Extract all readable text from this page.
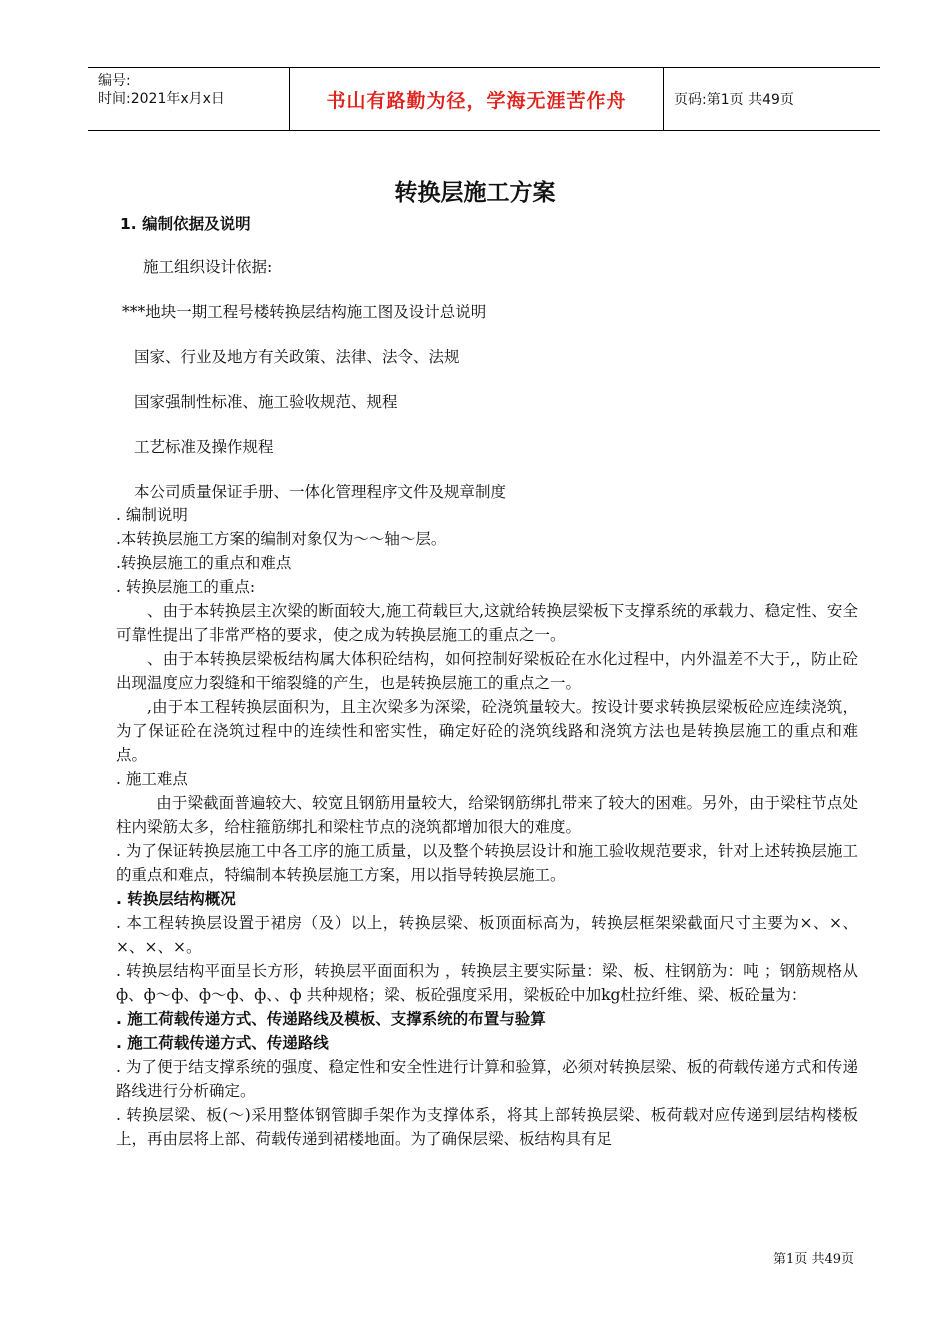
编号:
时间:2021年x月x日	书山有路勤为径，学海无涯苦作舟	页码:第1页 共49页
转换层施工方案

1. 编制依据及说明

施工组织设计依据:

***地块一期工程号楼转换层结构施工图及设计总说明

国家、行业及地方有关政策、法律、法令、法规

国家强制性标准、施工验收规范、规程

工艺标准及操作规程

本公司质量保证手册、一体化管理程序文件及规章制度

. 编制说明

.本转换层施工方案的编制对象仅为～～轴～层。

.转换层施工的重点和难点

. 转换层施工的重点:

、由于本转换层主次梁的断面较大,施工荷载巨大,这就给转换层梁板下支撑系统的承载力、稳定性、安全可靠性提出了非常严格的要求，使之成为转换层施工的重点之一。

、由于本转换层梁板结构属大体积砼结构，如何控制好梁板砼在水化过程中，内外温差不大于,，防止砼出现温度应力裂缝和干缩裂缝的产生，也是转换层施工的重点之一。

,由于本工程转换层面积为，且主次梁多为深梁，砼浇筑量较大。按设计要求转换层梁板砼应连续浇筑，为了保证砼在浇筑过程中的连续性和密实性，确定好砼的浇筑线路和浇筑方法也是转换层施工的重点和难点。

. 施工难点

由于梁截面普遍较大、较宽且钢筋用量较大，给梁钢筋绑扎带来了较大的困难。另外，由于梁柱节点处柱内梁筋太多，给柱箍筋绑扎和梁柱节点的浇筑都增加很大的难度。

. 为了保证转换层施工中各工序的施工质量，以及整个转换层设计和施工验收规范要求，针对上述转换层施工的重点和难点，特编制本转换层施工方案，用以指导转换层施工。

. 转换层结构概况

. 本工程转换层设置于裙房（及）以上，转换层梁、板顶面标高为，转换层框架梁截面尺寸主要为×、×、×、×、×。

. 转换层结构平面呈长方形，转换层平面面积为 ，转换层主要实际量：梁、板、柱钢筋为：吨 ；钢筋规格从 ф、ф～ф、ф～ф、ф、、ф 共种规格；梁、板砼强度采用，梁板砼中加kg杜拉纤维、梁、板砼量为：

. 施工荷载传递方式、传递路线及模板、支撑系统的布置与验算

. 施工荷载传递方式、传递路线

. 为了便于结支撑系统的强度、稳定性和安全性进行计算和验算，必须对转换层梁、板的荷载传递方式和传递路线进行分析确定。

. 转换层梁、板(～)采用整体钢管脚手架作为支撑体系，将其上部转换层梁、板荷载对应传递到层结构楼板上，再由层将上部、荷载传递到裙楼地面。为了确保层梁、板结构具有足

第1页 共49页
